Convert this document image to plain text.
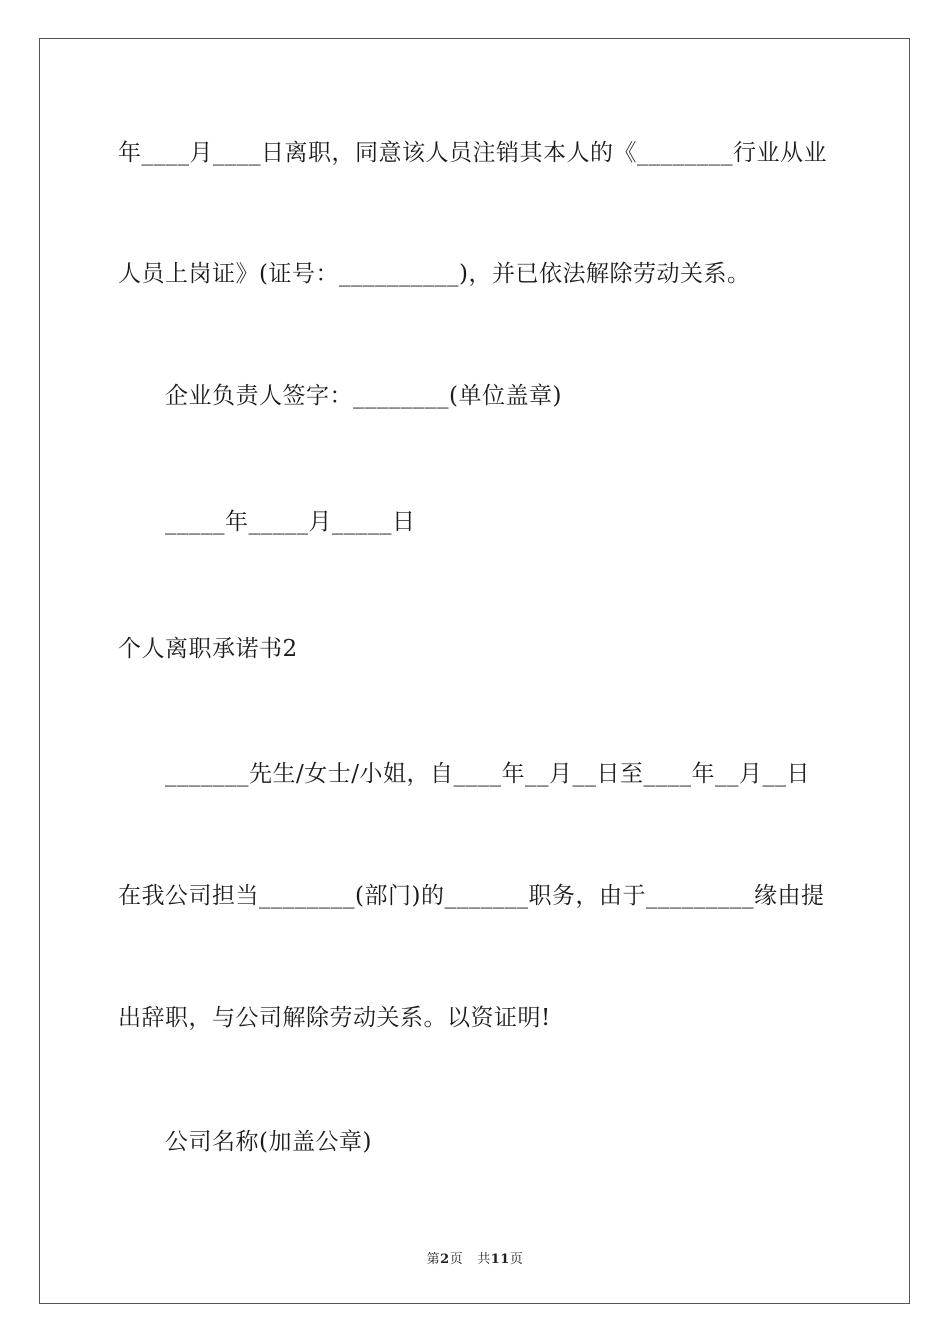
年____月____日离职，同意该人员注销其本人的《________行业从业
人员上岗证》(证号：__________)，并已依法解除劳动关系。
企业负责人签字：________(单位盖章)
_____年_____月_____日
个人离职承诺书2
_______先生/女士/小姐，自____年__月__日至____年__月__日
在我公司担当________(部门)的_______职务，由于_________缘由提
出辞职，与公司解除劳动关系。以资证明!
公司名称(加盖公章)
第2页 共11页
